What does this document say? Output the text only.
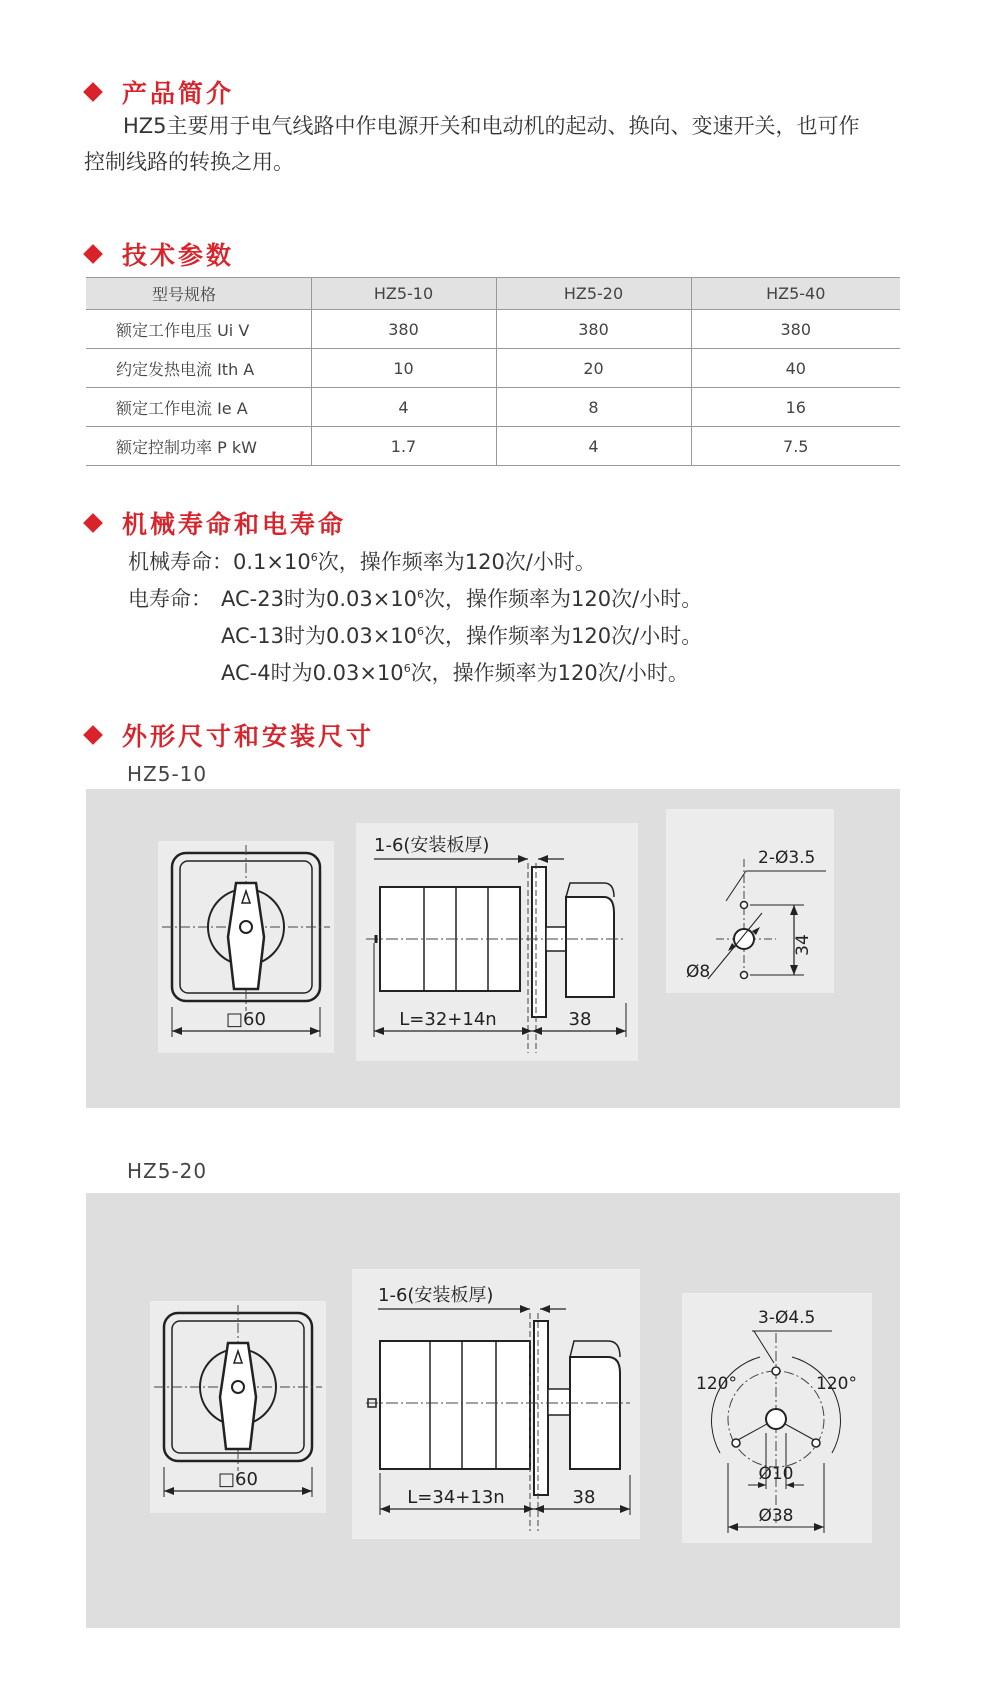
产品简介
HZ5主要用于电气线路中作电源开关和电动机的起动、换向、变速开关，也可作
控制线路的转换之用。
技术参数
型号规格	HZ5-10	HZ5-20	HZ5-40
额定工作电压 Ui V	380	380	380
约定发热电流 Ith A	10	20	40
额定工作电流 Ie A	4	8	16
额定控制功率 P kW	1.7	4	7.5
机械寿命和电寿命
机械寿命：$0.1\times 10^6$次，操作频率为120次/小时。
电寿命： AC-23时为$0.03\times 10^6$次，操作频率为120次/小时。
AC-13时为$0.03\times 10^6$次，操作频率为120次/小时。
AC-4时为$0.03\times 10^6$次，操作频率为120次/小时。
外形尺寸和安装尺寸
HZ5-10
□60
1-6(安装板厚)
L=32+14n	38
2-Ø3.5
34
Ø8
HZ5-20
□60
1-6(安装板厚)
L=34+13n	38
3-Ø4.5
120°	120°
Ø10
Ø38
